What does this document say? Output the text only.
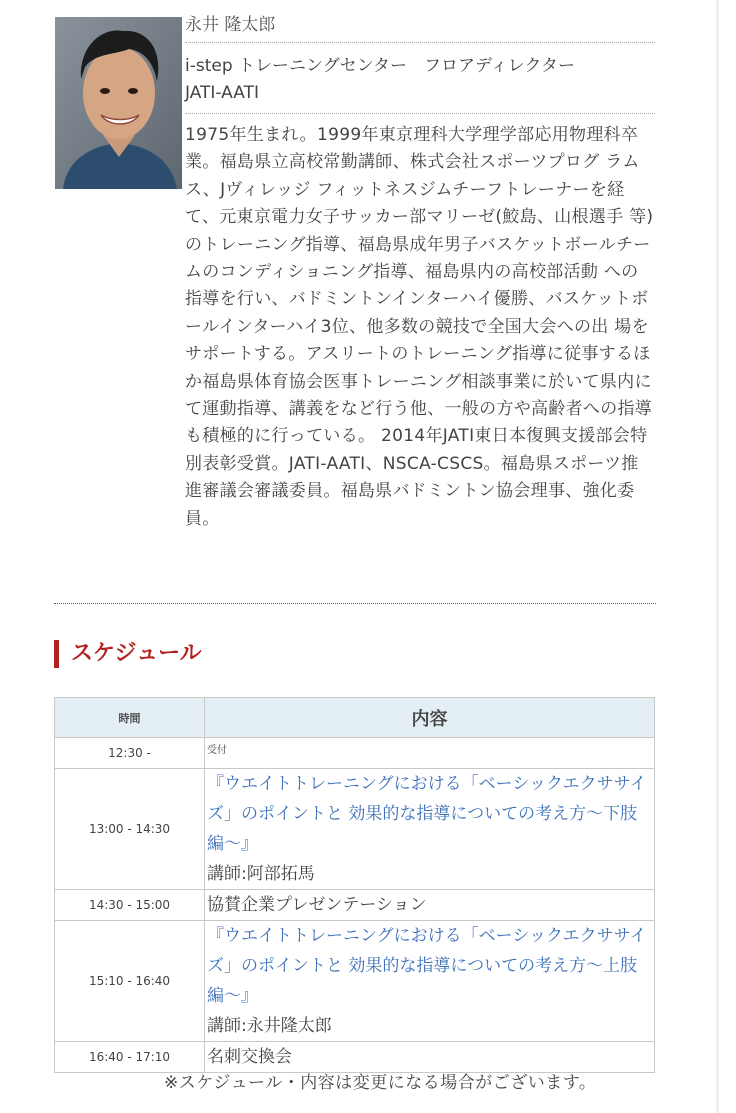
永井 隆太郎
i-step トレーニングセンター　フロアディレクター
JATI-AATI
1975年生まれ。1999年東京理科大学理学部応用物理科卒業。福島県立高校常勤講師、株式会社スポーツプログ ラムス、Jヴィレッジ フィットネスジムチーフトレーナーを経て、元東京電力女子サッカー部マリーゼ(鮫島、山根選手 等)のトレーニング指導、福島県成年男子バスケットボールチームのコンディショニング指導、福島県内の高校部活動 への指導を行い、バドミントンインターハイ優勝、バスケットボールインターハイ3位、他多数の競技で全国大会への出 場をサポートする。アスリートのトレーニング指導に従事するほか福島県体育協会医事トレーニング相談事業に於いて県内にて運動指導、講義をなど行う他、一般の方や高齢者への指導も積極的に行っている。 2014年JATI東日本復興支援部会特別表彰受賞。JATI-AATI、NSCA-CSCS。福島県スポーツ推進審議会審議委員。福島県バドミントン協会理事、強化委員。
スケジュール
時間	内容
12:30 -	受付
13:00 - 14:30	『ウエイトトレーニングにおける「ベーシックエクササイズ」のポイントと 効果的な指導についての考え方～下肢編～』
講師:阿部拓馬
14:30 - 15:00	協賛企業プレゼンテーション
15:10 - 16:40	『ウエイトトレーニングにおける「ベーシックエクササイズ」のポイントと 効果的な指導についての考え方～上肢編～』
講師:永井隆太郎
16:40 - 17:10	名刺交換会
※スケジュール・内容は変更になる場合がございます。
